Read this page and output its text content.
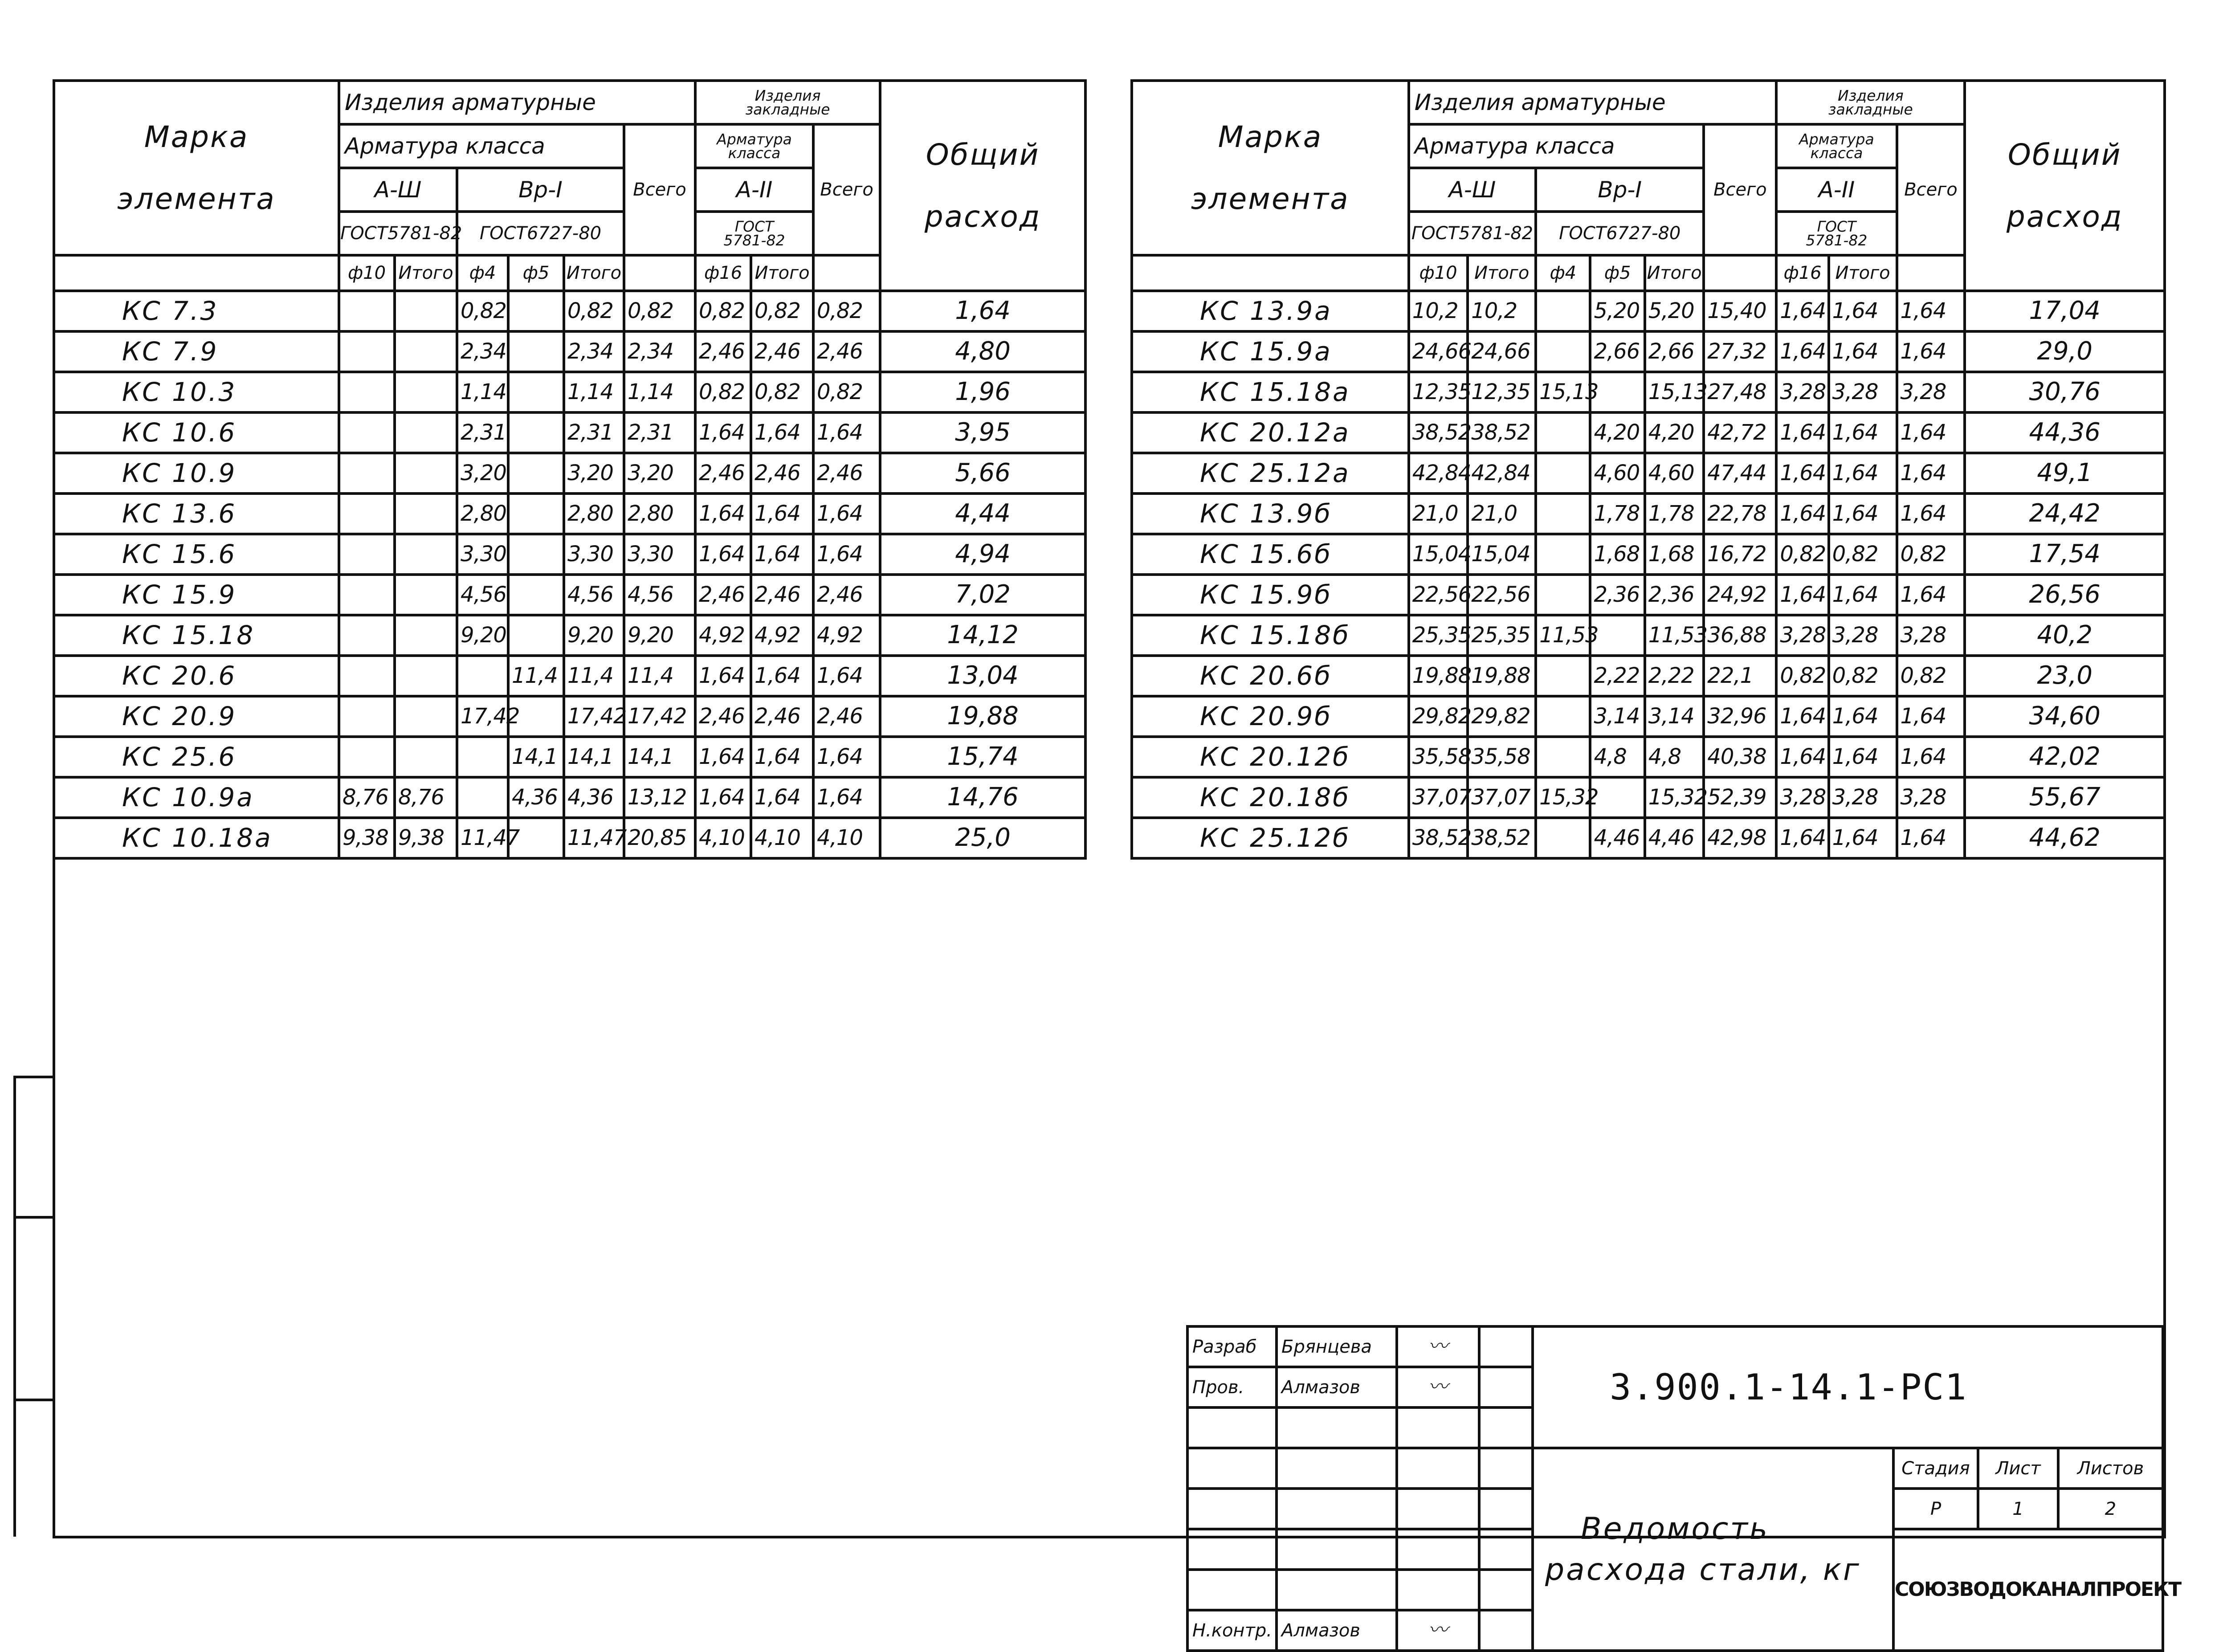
Марка

элемента	Изделия арматурные						Изделия
закладные			Общий

расход
	Арматура класса					Всего	Арматура
класса		Всего	
	А-Ш		Вр-I				А-II			
	ГОСТ5781-82		ГОСТ6727-80				ГОСТ
5781-82			
	ф10	Итого	ф4	ф5	Итого		ф16	Итого		
КС 7.3			0,82		0,82	0,82	0,82	0,82	0,82	1,64
КС 7.9			2,34		2,34	2,34	2,46	2,46	2,46	4,80
КС 10.3			1,14		1,14	1,14	0,82	0,82	0,82	1,96
КС 10.6			2,31		2,31	2,31	1,64	1,64	1,64	3,95
КС 10.9			3,20		3,20	3,20	2,46	2,46	2,46	5,66
КС 13.6			2,80		2,80	2,80	1,64	1,64	1,64	4,44
КС 15.6			3,30		3,30	3,30	1,64	1,64	1,64	4,94
КС 15.9			4,56		4,56	4,56	2,46	2,46	2,46	7,02
КС 15.18			9,20		9,20	9,20	4,92	4,92	4,92	14,12
КС 20.6				11,4	11,4	11,4	1,64	1,64	1,64	13,04
КС 20.9			17,42		17,42	17,42	2,46	2,46	2,46	19,88
КС 25.6				14,1	14,1	14,1	1,64	1,64	1,64	15,74
КС 10.9а	8,76	8,76		4,36	4,36	13,12	1,64	1,64	1,64	14,76
КС 10.18а	9,38	9,38	11,47		11,47	20,85	4,10	4,10	4,10	25,0
Марка

элемента	Изделия арматурные						Изделия
закладные			Общий

расход
	Арматура класса					Всего	Арматура
класса		Всего	
	А-Ш		Вр-I				А-II			
	ГОСТ5781-82		ГОСТ6727-80				ГОСТ
5781-82			
	ф10	Итого	ф4	ф5	Итого		ф16	Итого		
КС 13.9а	10,2	10,2		5,20	5,20	15,40	1,64	1,64	1,64	17,04
КС 15.9а	24,66	24,66		2,66	2,66	27,32	1,64	1,64	1,64	29,0
КС 15.18а	12,35	12,35	15,13		15,13	27,48	3,28	3,28	3,28	30,76
КС 20.12а	38,52	38,52		4,20	4,20	42,72	1,64	1,64	1,64	44,36
КС 25.12а	42,84	42,84		4,60	4,60	47,44	1,64	1,64	1,64	49,1
КС 13.9б	21,0	21,0		1,78	1,78	22,78	1,64	1,64	1,64	24,42
КС 15.6б	15,04	15,04		1,68	1,68	16,72	0,82	0,82	0,82	17,54
КС 15.9б	22,56	22,56		2,36	2,36	24,92	1,64	1,64	1,64	26,56
КС 15.18б	25,35	25,35	11,53		11,53	36,88	3,28	3,28	3,28	40,2
КС 20.6б	19,88	19,88		2,22	2,22	22,1	0,82	0,82	0,82	23,0
КС 20.9б	29,82	29,82		3,14	3,14	32,96	1,64	1,64	1,64	34,60
КС 20.12б	35,58	35,58		4,8	4,8	40,38	1,64	1,64	1,64	42,02
КС 20.18б	37,07	37,07	15,32		15,32	52,39	3,28	3,28	3,28	55,67
КС 25.12б	38,52	38,52		4,46	4,46	42,98	1,64	1,64	1,64	44,62
Разраб	Брянцева	〰		3.900.1-14.1-РС1			
Пров.	Алмазов	〰					

				Ведомость
расхода стали, кг	Стадия	Лист	Листов
					Р	1	2
					СОЮЗВОДОКАНАЛПРОЕКТ		

Н.контр.	Алмазов	〰					
